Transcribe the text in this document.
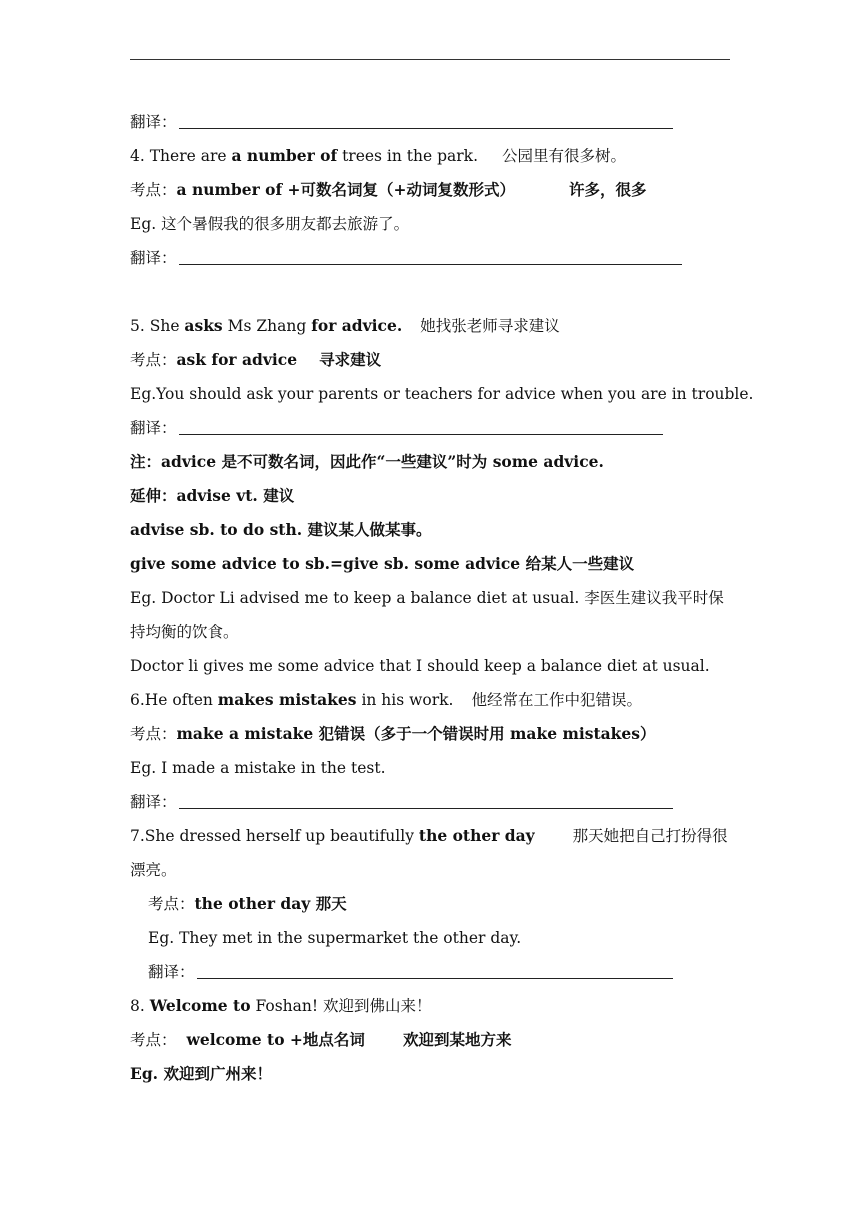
翻译：
4. There are a number of trees in the park. 公园里有很多树。
考点：a number of +可数名词复（+动词复数形式）	许多，很多
Eg. 这个暑假我的很多朋友都去旅游了。
翻译：
5. She asks Ms Zhang for advice. 她找张老师寻求建议
考点：ask for advice 寻求建议
Eg.You should ask your parents or teachers for advice when you are in trouble.
翻译：
注：advice 是不可数名词，因此作“一些建议”时为 some advice.
延伸：advise vt. 建议
advise sb. to do sth. 建议某人做某事。
give some advice to sb.=give sb. some advice 给某人一些建议
Eg. Doctor Li advised me to keep a balance diet at usual. 李医生建议我平时保持均衡的饮食。
Doctor li gives me some advice that I should keep a balance diet at usual.
6.He often makes mistakes in his work. 他经常在工作中犯错误。
考点：make a mistake 犯错误（多于一个错误时用 make mistakes）
Eg. I made a mistake in the test.
翻译：
7.She dressed herself up beautifully the other day 那天她把自己打扮得很漂亮。
考点：the other day 那天
Eg. They met in the supermarket the other day.
翻译：
8. Welcome to Foshan! 欢迎到佛山来！
考点： welcome to +地点名词 欢迎到某地方来
Eg. 欢迎到广州来！
